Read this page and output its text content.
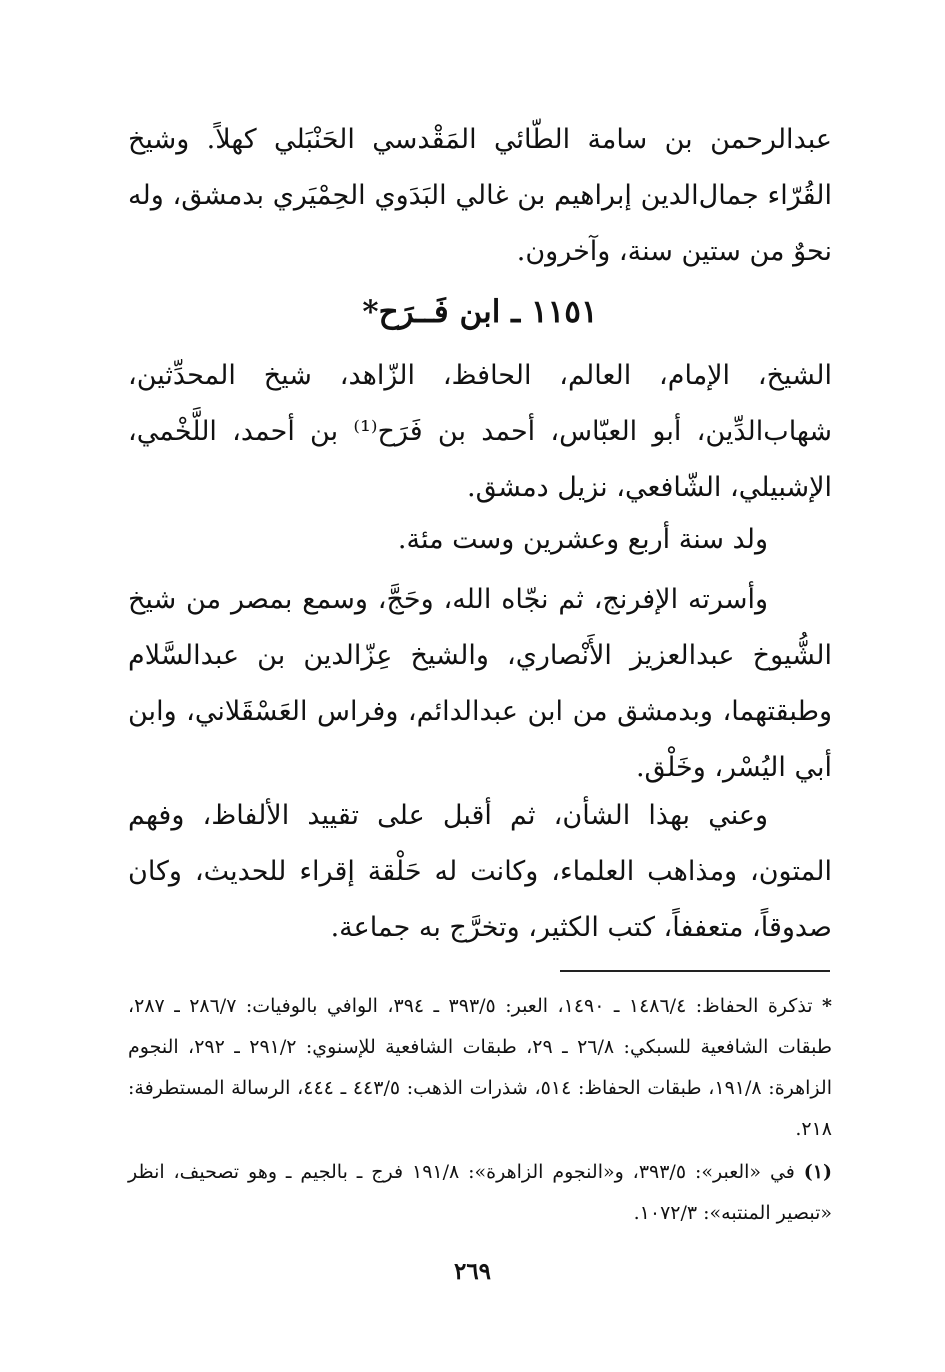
عبدالرحمن بن سامة الطّائي المَقْدسي الحَنْبَلي كهلاً. وشيخ القُرّاء جمال‌الدين إبراهيم بن غالي البَدَوي الحِمْيَري بدمشق، وله نحوٌ من ستين سنة، وآخرون.

١١٥١ ـ ابن فَــرَح*

الشيخ، الإمام، العالم، الحافظ، الزّاهد، شيخ المحدِّثين، شهاب‌الدِّين، أبو العبّاس، أحمد بن فَرَح⁽¹⁾ بن أحمد، اللَّخْمي، الإشبيلي، الشّافعي، نزيل دمشق.

ولد سنة أربع وعشرين وست مئة.

وأسرته الإفرنج، ثم نجّاه الله، وحَجَّ، وسمع بمصر من شيخ الشُّيوخ عبدالعزيز الأَنْصاري، والشيخ عِزّالدين بن عبدالسَّلام وطبقتهما، وبدمشق من ابن عبدالدائم، وفراس العَسْقَلاني، وابن أبي اليُسْر، وخَلْق.

وعني بهذا الشأن، ثم أقبل على تقييد الألفاظ، وفهم المتون، ومذاهب العلماء، وكانت له حَلْقة إقراء للحديث، وكان صدوقاً، متعففاً، كتب الكثير، وتخرَّج به جماعة.

* تذكرة الحفاظ: ١٤٨٦/٤ ـ ١٤٩٠، العبر: ٣٩٣/٥ ـ ٣٩٤، الوافي بالوفيات: ٢٨٦/٧ ـ ٢٨٧، طبقات الشافعية للسبكي: ٢٦/٨ ـ ٢٩، طبقات الشافعية للإسنوي: ٢٩١/٢ ـ ٢٩٢، النجوم الزاهرة: ١٩١/٨، طبقات الحفاظ: ٥١٤، شذرات الذهب: ٤٤٣/٥ ـ ٤٤٤، الرسالة المستطرفة: ٢١٨.

(١) في «العبر»: ٣٩٣/٥، و«النجوم الزاهرة»: ١٩١/٨ فرج ـ بالجيم ـ وهو تصحيف، انظر «تبصير المنتبه»: ١٠٧٢/٣.

٢٦٩
